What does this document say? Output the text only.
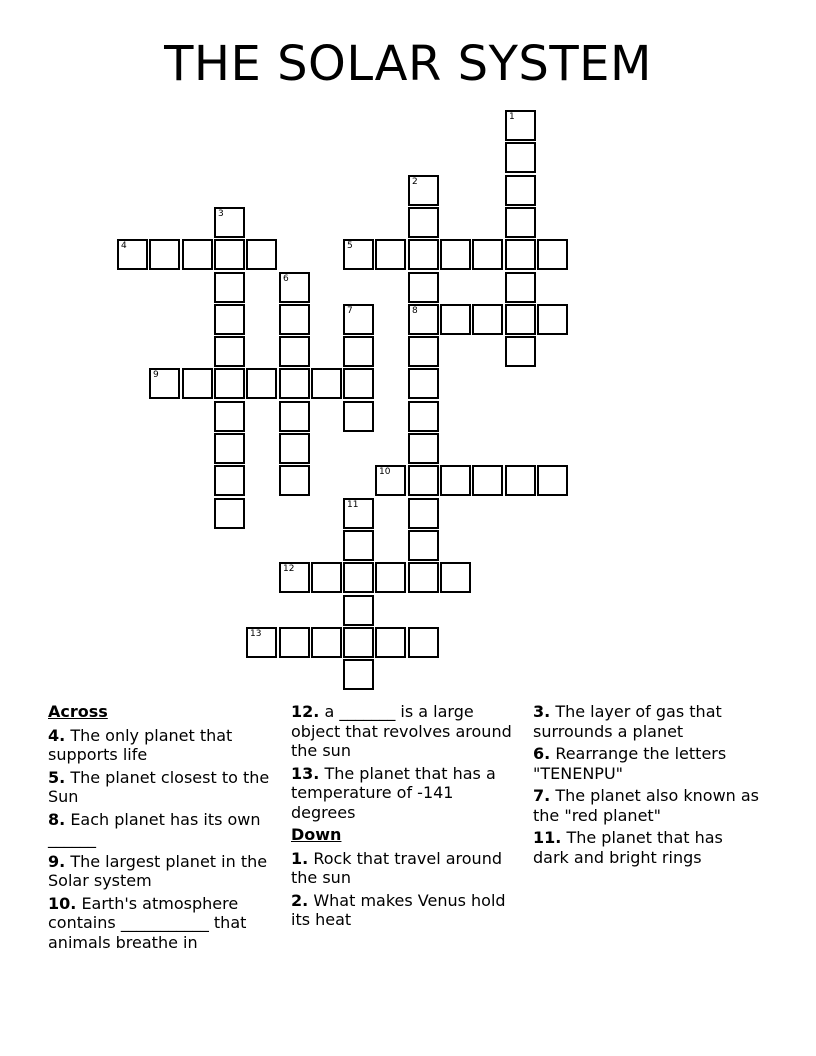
THE SOLAR SYSTEM
4	5
8
9
10
12
13
1
2
3
6
7
11
Across
4. The only planet that supports life
5. The planet closest to the Sun
8. Each planet has its own ______
9. The largest planet in the Solar system
10. Earth's atmosphere contains ___________ that animals breathe in
12. a _______ is a large object that revolves around the sun
13. The planet that has a temperature of -141 degrees
Down
1. Rock that travel around the sun
2. What makes Venus hold its heat
3. The layer of gas that surrounds a planet
6. Rearrange the letters "TENENPU"
7. The planet also known as the "red planet"
11. The planet that has dark and bright rings
